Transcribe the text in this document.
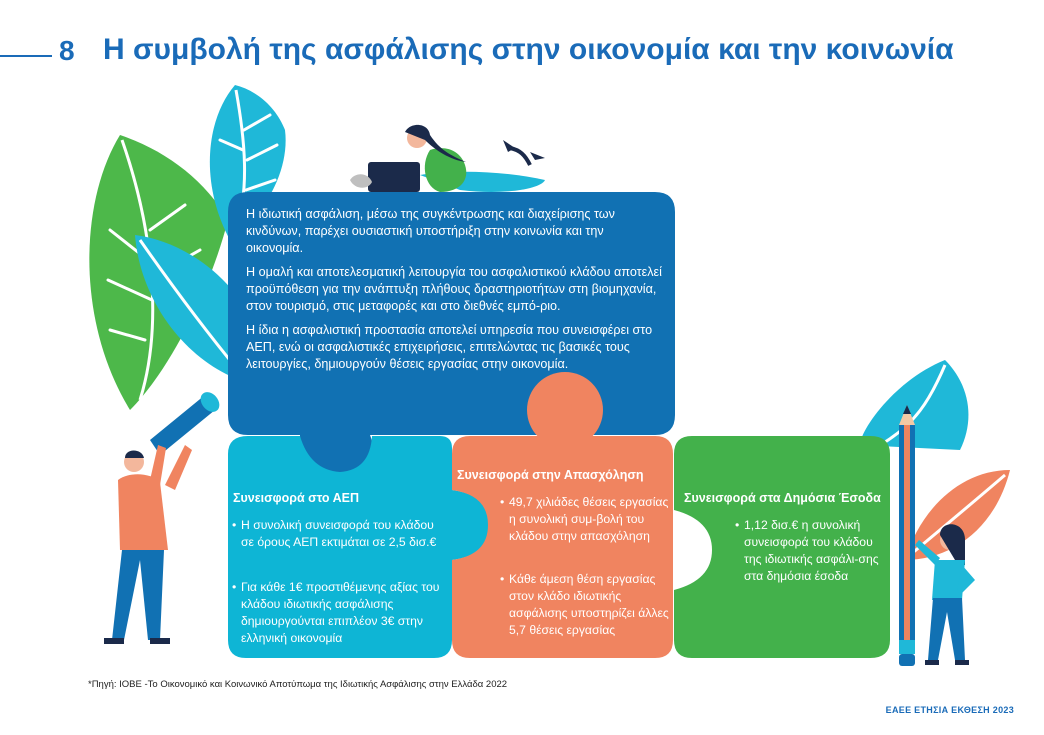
8 Η συμβολή της ασφάλισης στην οικονομία και την κοινωνία

Η ιδιωτική ασφάλιση, μέσω της συγκέντρωσης και διαχείρισης των κινδύνων, παρέχει ουσιαστική υποστήριξη στην κοινωνία και την οικονομία.

Η ομαλή και αποτελεσματική λειτουργία του ασφαλιστικού κλάδου αποτελεί προϋπόθεση για την ανάπτυξη πλήθους δραστηριοτήτων στη βιομηχανία, στον τουρισμό, στις μεταφορές και στο διεθνές εμπό-ριο.

Η ίδια η ασφαλιστική προστασία αποτελεί υπηρεσία που συνεισφέρει στο ΑΕΠ, ενώ οι ασφαλιστικές επιχειρήσεις, επιτελώντας τις βασικές τους λειτουργίες, δημιουργούν θέσεις εργασίας στην οικονομία.

Συνεισφορά στο ΑΕΠ
• Η συνολική συνεισφορά του κλάδου σε όρους ΑΕΠ εκτιμάται σε 2,5 δισ.€
• Για κάθε 1€ προστιθέμενης αξίας του κλάδου ιδιωτικής ασφάλισης δημιουργούνται επιπλέον 3€ στην ελληνική οικονομία
Συνεισφορά στην Απασχόληση
• 49,7 χιλιάδες θέσεις εργασίας η συνολική συμ-βολή του κλάδου στην απασχόληση
• Κάθε άμεση θέση εργασίας στον κλάδο ιδιωτικής ασφάλισης υποστηρίζει άλλες 5,7 θέσεις εργασίας
Συνεισφορά στα Δημόσια Έσοδα
• 1,12 δισ.€ η συνολική συνεισφορά του κλάδου της ιδιωτικής ασφάλι-σης στα δημόσια έσοδα
*Πηγή: ΙΟΒΕ -Το Οικονομικό και Κοινωνικό Αποτύπωμα της Ιδιωτικής Ασφάλισης στην Ελλάδα 2022
ΕΑΕΕ ΕΤΗΣΙΑ ΕΚΘΕΣΗ 2023
